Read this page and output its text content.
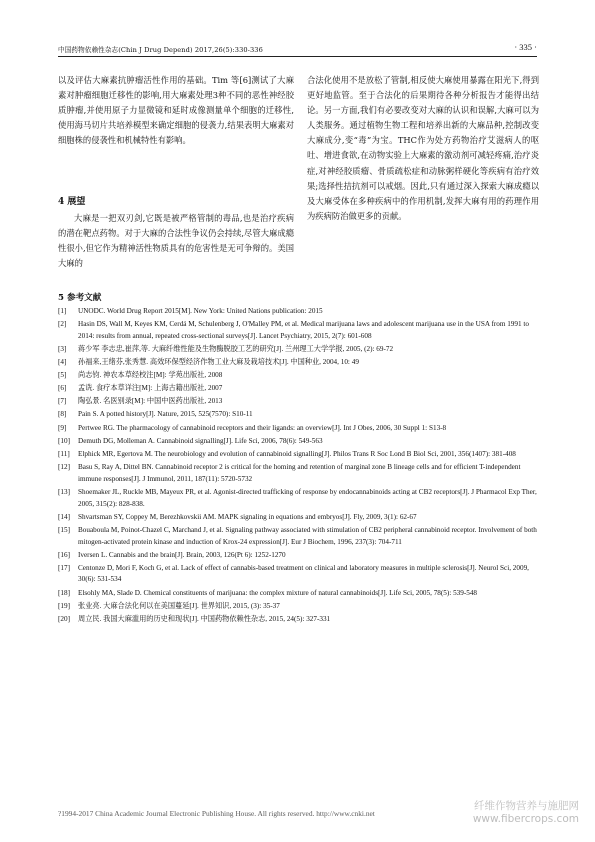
中国药物依赖性杂志(Chin J Drug Depend) 2017,26(5):330-336	· 335 ·

以及评估大麻素抗肿瘤活性作用的基础。Tim 等[6]测试了大麻素对肿瘤细胞迁移性的影响,用大麻素处理3种不同的恶性神经胶质肿瘤,并使用原子力显微镜和延时成像测量单个细胞的迁移性,使用海马切片共培养模型来确定细胞的侵袭力,结果表明大麻素对细胞株的侵袭性和机械特性有影响。

4 展望

大麻是一把双刃剑,它既是被严格管制的毒品,也是治疗疾病的潜在靶点药物。对于大麻的合法性争议仍会持续,尽管大麻成瘾性很小,但它作为精神活性物质具有的危害性是无可争辩的。美国大麻的

合法化使用不是放松了管制,相反使大麻使用暴露在阳光下,得到更好地监管。至于合法化的后果期待各种分析报告才能得出结论。另一方面,我们有必要改变对大麻的认识和误解,大麻可以为人类服务。通过植物生物工程和培养出新的大麻品种,控制改变大麻成分,变“毒”为宝。THC作为处方药物治疗艾滋病人的呕吐、增进食欲,在动物实验上大麻素的激动剂可减轻疼痛,治疗炎症,对神经胶质瘤、骨质疏松症和动脉粥样硬化等疾病有治疗效果;选择性拮抗剂可以戒烟。因此,只有通过深入探索大麻成瘾以及大麻受体在多种疾病中的作用机制,发挥大麻有用的药理作用为疾病防治做更多的贡献。

5 参考文献
[1]	UNODC. World Drug Report 2015[M]. New York: United Nations publication: 2015
[2]	Hasin DS, Wall M, Keyes KM, Cerdá M, Schulenberg J, O'Malley PM, et al. Medical marijuana laws and adolescent marijuana use in the USA from 1991 to 2014: results from annual, repeated cross-sectional surveys[J]. Lancet Psychiatry, 2015, 2(7): 601-608
[3]	蒋少军 李志忠,崔萍,等. 大麻纤维性能及生物酶脱胶工艺的研究[J]. 兰州理工大学学报, 2005, (2): 69-72
[4]	孙福来,王绪芬,张秀慧. 高效环保型经济作物工业大麻及栽培技术[J]. 中国种业, 2004, 10: 49
[5]	尚志钧. 神农本草经校注[M]: 学苑出版社, 2008
[6]	孟诜. 食疗本草详注[M]: 上海古籍出版社, 2007
[7]	陶弘景. 名医别录[M]: 中国中医药出版社, 2013
[8]	Pain S. A potted history[J]. Nature, 2015, 525(7570): S10-11
[9]	Pertwee RG. The pharmacology of cannabinoid receptors and their ligands: an overview[J]. Int J Obes, 2006, 30 Suppl 1: S13-8
[10]	Demuth DG, Molleman A. Cannabinoid signalling[J]. Life Sci, 2006, 78(6): 549-563
[11]	Elphick MR, Egertova M. The neurobiology and evolution of cannabinoid signalling[J]. Philos Trans R Soc Lond B Biol Sci, 2001, 356(1407): 381-408
[12]	Basu S, Ray A, Dittel BN. Cannabinoid receptor 2 is critical for the homing and retention of marginal zone B lineage cells and for efficient T-independent immune responses[J]. J Immunol, 2011, 187(11): 5720-5732
[13]	Shoemaker JL, Ruckle MB, Mayeux PR, et al. Agonist-directed trafficking of response by endocannabinoids acting at CB2 receptors[J]. J Pharmacol Exp Ther, 2005, 315(2): 828-838.
[14]	Shvartsman SY, Coppey M, Berezhkovskii AM. MAPK signaling in equations and embryos[J]. Fly, 2009, 3(1): 62-67
[15]	Bouaboula M, Poinot-Chazel C, Marchand J, et al. Signaling pathway associated with stimulation of CB2 peripheral cannabinoid receptor. Involvement of both mitogen-activated protein kinase and induction of Krox-24 expression[J]. Eur J Biochem, 1996, 237(3): 704-711
[16]	Iversen L. Cannabis and the brain[J]. Brain, 2003, 126(Pt 6): 1252-1270
[17]	Centonze D, Mori F, Koch G, et al. Lack of effect of cannabis-based treatment on clinical and laboratory measures in multiple sclerosis[J]. Neurol Sci, 2009, 30(6): 531-534
[18]	Elsohly MA, Slade D. Chemical constituents of marijuana: the complex mixture of natural cannabinoids[J]. Life Sci, 2005, 78(5): 539-548
[19]	张业亮. 大麻合法化何以在美国蔓延[J]. 世界知识, 2015, (3): 35-37
[20]	周立民. 我国大麻滥用的历史和现状[J]. 中国药物依赖性杂志, 2015, 24(5): 327-331
?1994-2017 China Academic Journal Electronic Publishing House. All rights reserved. http://www.cnki.net
纤维作物营养与施肥网
www.fibercrops.com
